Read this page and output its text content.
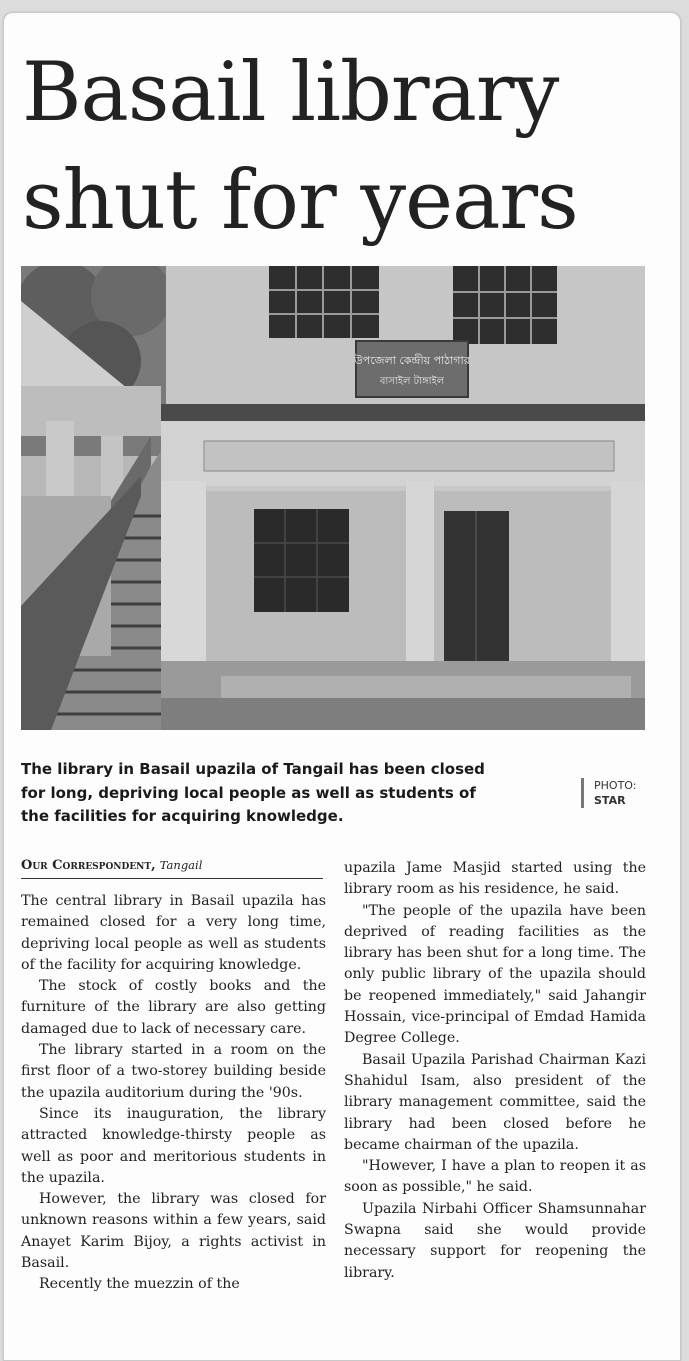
Basail library shut for years
উপজেলা কেন্দ্রীয় পাঠাগার
বাসাইল টাঙ্গাইল

The library in Basail upazila of Tangail has been closed for long, depriving local people as well as students of the facilities for acquiring knowledge.

PHOTO:
STAR
Our Correspondent, Tangail

The central library in Basail upazila has remained closed for a very long time, depriving local people as well as students of the facility for acquiring knowledge.

The stock of costly books and the furniture of the library are also getting damaged due to lack of necessary care.

The library started in a room on the first floor of a two-storey building beside the upazila auditorium during the '90s.

Since its inauguration, the library attracted knowledge-thirsty people as well as poor and meritorious students in the upazila.

However, the library was closed for unknown reasons within a few years, said Anayet Karim Bijoy, a rights activist in Basail.

Recently the muezzin of the

upazila Jame Masjid started using the library room as his residence, he said.

"The people of the upazila have been deprived of reading facilities as the library has been shut for a long time. The only public library of the upazila should be reopened immediately," said Jahangir Hossain, vice-principal of Emdad Hamida Degree College.

Basail Upazila Parishad Chairman Kazi Shahidul Isam, also president of the library management committee, said the library had been closed before he became chairman of the upazila.

"However, I have a plan to reopen it as soon as possible," he said.

Upazila Nirbahi Officer Shamsunnahar Swapna said she would provide necessary support for reopening the library.
